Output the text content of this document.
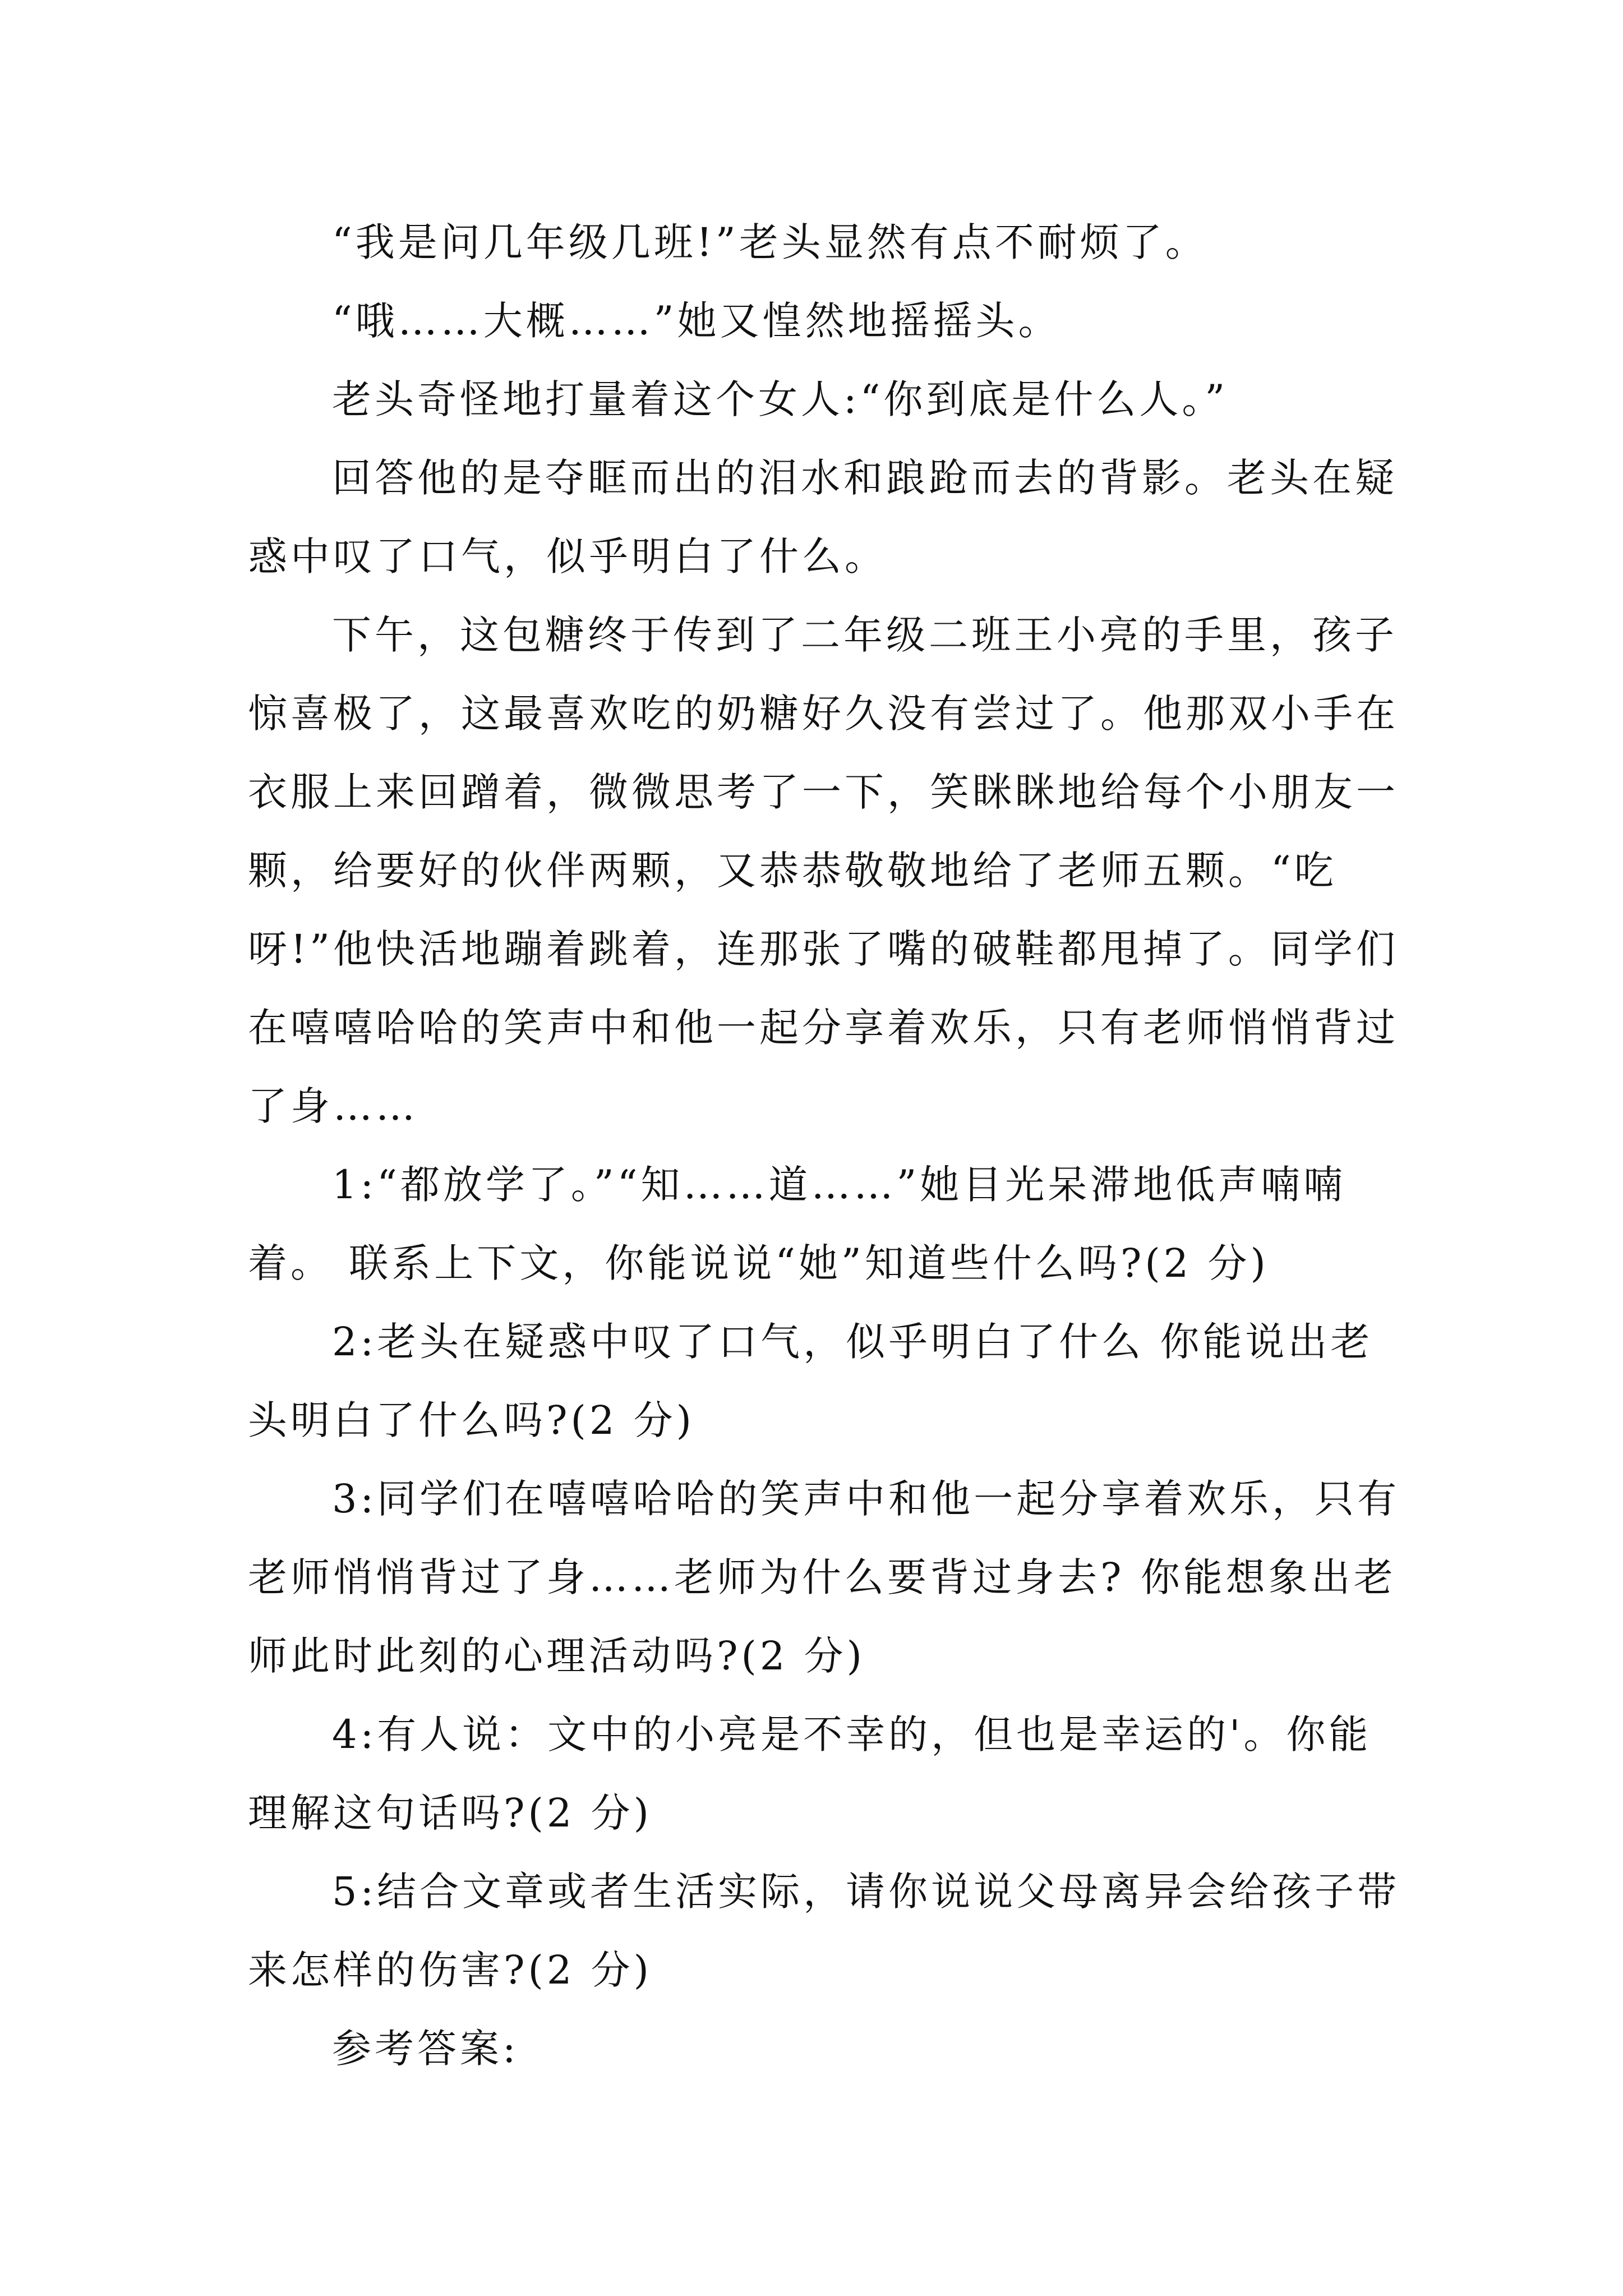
“我是问几年级几班!”老头显然有点不耐烦了。

“哦……大概……”她又惶然地摇摇头。

老头奇怪地打量着这个女人:“你到底是什么人。”

回答他的是夺眶而出的泪水和踉跄而去的背影。老头在疑惑中叹了口气，似乎明白了什么。

下午，这包糖终于传到了二年级二班王小亮的手里，孩子惊喜极了，这最喜欢吃的奶糖好久没有尝过了。他那双小手在衣服上来回蹭着，微微思考了一下，笑眯眯地给每个小朋友一颗，给要好的伙伴两颗，又恭恭敬敬地给了老师五颗。“吃呀!”他快活地蹦着跳着，连那张了嘴的破鞋都甩掉了。同学们在嘻嘻哈哈的笑声中和他一起分享着欢乐，只有老师悄悄背过了身……

1:“都放学了。”“知……道……”她目光呆滞地低声喃喃着。 联系上下文，你能说说“她”知道些什么吗?(2 分)

2:老头在疑惑中叹了口气，似乎明白了什么 你能说出老头明白了什么吗?(2 分)

3:同学们在嘻嘻哈哈的笑声中和他一起分享着欢乐，只有老师悄悄背过了身……老师为什么要背过身去? 你能想象出老师此时此刻的心理活动吗?(2 分)

4:有人说：文中的小亮是不幸的，但也是幸运的'。你能理解这句话吗?(2 分)

5:结合文章或者生活实际，请你说说父母离异会给孩子带来怎样的伤害?(2 分)

参考答案:
